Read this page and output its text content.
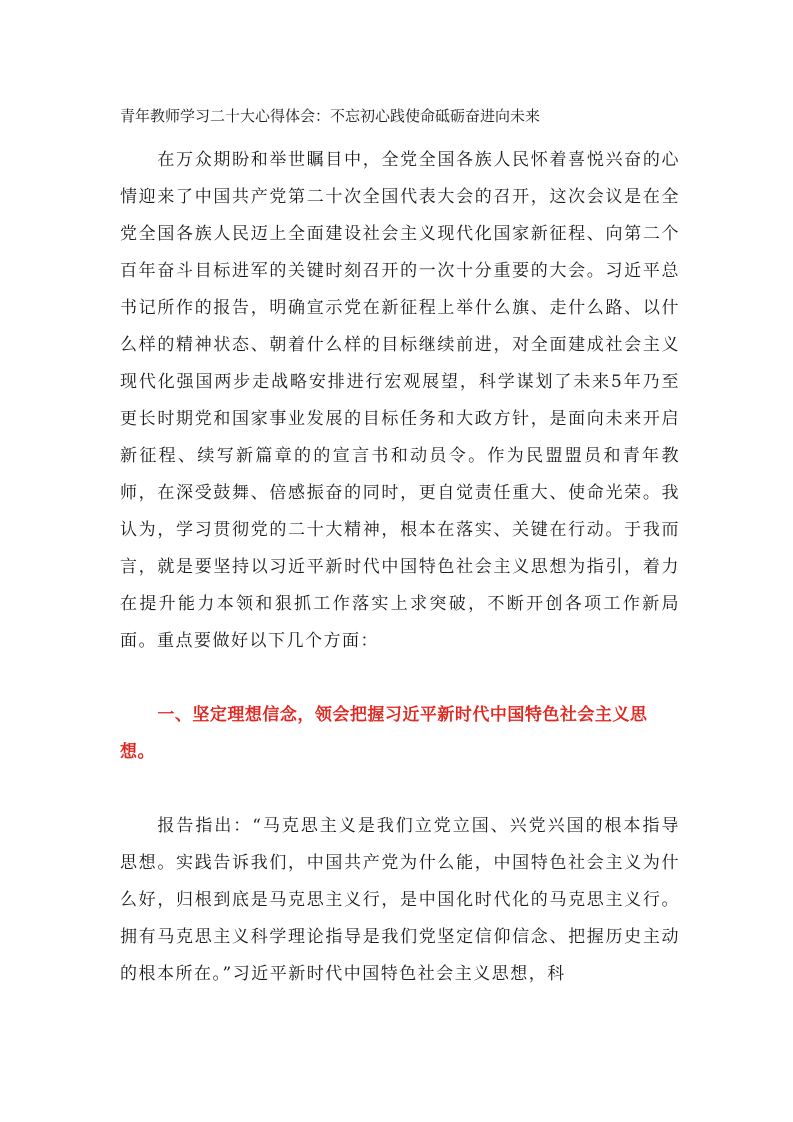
青年教师学习二十大心得体会：不忘初心践使命砥砺奋进向未来

在万众期盼和举世瞩目中，全党全国各族人民怀着喜悦兴奋的心情迎来了中国共产党第二十次全国代表大会的召开，这次会议是在全党全国各族人民迈上全面建设社会主义现代化国家新征程、向第二个百年奋斗目标进军的关键时刻召开的一次十分重要的大会。习近平总书记所作的报告，明确宣示党在新征程上举什么旗、走什么路、以什么样的精神状态、朝着什么样的目标继续前进，对全面建成社会主义现代化强国两步走战略安排进行宏观展望，科学谋划了未来5年乃至更长时期党和国家事业发展的目标任务和大政方针，是面向未来开启新征程、续写新篇章的的宣言书和动员令。作为民盟盟员和青年教师，在深受鼓舞、倍感振奋的同时，更自觉责任重大、使命光荣。我认为，学习贯彻党的二十大精神，根本在落实、关键在行动。于我而言，就是要坚持以习近平新时代中国特色社会主义思想为指引，着力在提升能力本领和狠抓工作落实上求突破，不断开创各项工作新局面。重点要做好以下几个方面：

一、坚定理想信念，领会把握习近平新时代中国特色社会主义思想。

报告指出：“马克思主义是我们立党立国、兴党兴国的根本指导思想。实践告诉我们，中国共产党为什么能，中国特色社会主义为什么好，归根到底是马克思主义行，是中国化时代化的马克思主义行。拥有马克思主义科学理论指导是我们党坚定信仰信念、把握历史主动的根本所在。”习近平新时代中国特色社会主义思想，科
